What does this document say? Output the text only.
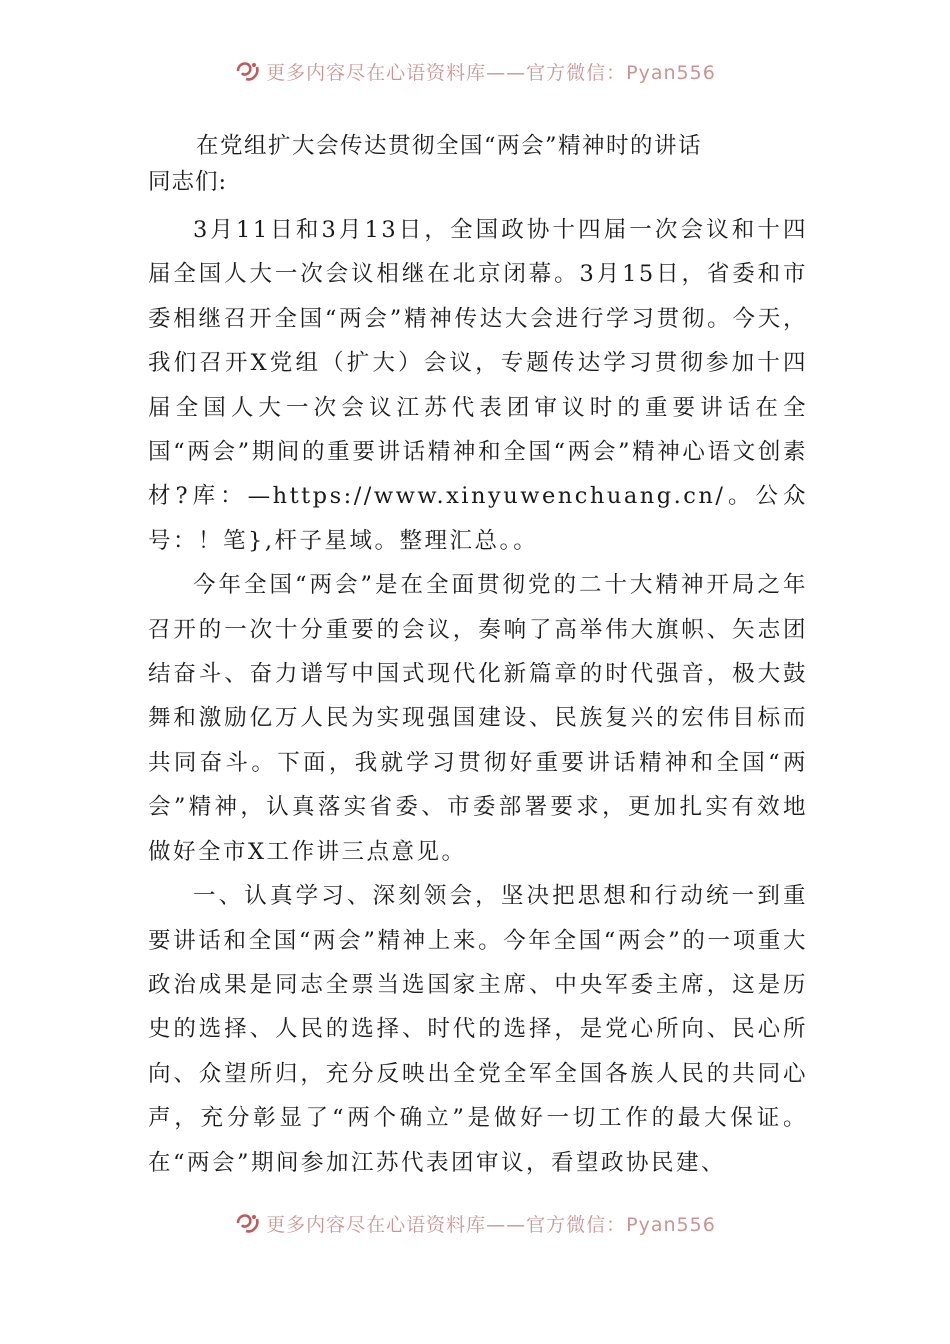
更多内容尽在心语资料库——官方微信：Pyan556
在党组扩大会传达贯彻全国“两会”精神时的讲话

同志们:

3月11日和3月13日，全国政协十四届一次会议和十四届全国人大一次会议相继在北京闭幕。3月15日，省委和市委相继召开全国“两会”精神传达大会进行学习贯彻。今天，我们召开X党组（扩大）会议，专题传达学习贯彻参加十四届全国人大一次会议江苏代表团审议时的重要讲话在全国“两会”期间的重要讲话精神和全国“两会”精神心语文创素材?库：—https://www.xinyuwenchuang.cn/。公众号：！笔},杆子星域。整理汇总。。

今年全国“两会”是在全面贯彻党的二十大精神开局之年召开的一次十分重要的会议，奏响了高举伟大旗帜、矢志团结奋斗、奋力谱写中国式现代化新篇章的时代强音，极大鼓舞和激励亿万人民为实现强国建设、民族复兴的宏伟目标而共同奋斗。下面，我就学习贯彻好重要讲话精神和全国“两会”精神，认真落实省委、市委部署要求，更加扎实有效地做好全市X工作讲三点意见。

一、认真学习、深刻领会，坚决把思想和行动统一到重要讲话和全国“两会”精神上来。今年全国“两会”的一项重大政治成果是同志全票当选国家主席、中央军委主席，这是历史的选择、人民的选择、时代的选择，是党心所向、民心所向、众望所归，充分反映出全党全军全国各族人民的共同心声，充分彰显了“两个确立”是做好一切工作的最大保证。在“两会”期间参加江苏代表团审议，看望政协民建、

更多内容尽在心语资料库——官方微信：Pyan556
